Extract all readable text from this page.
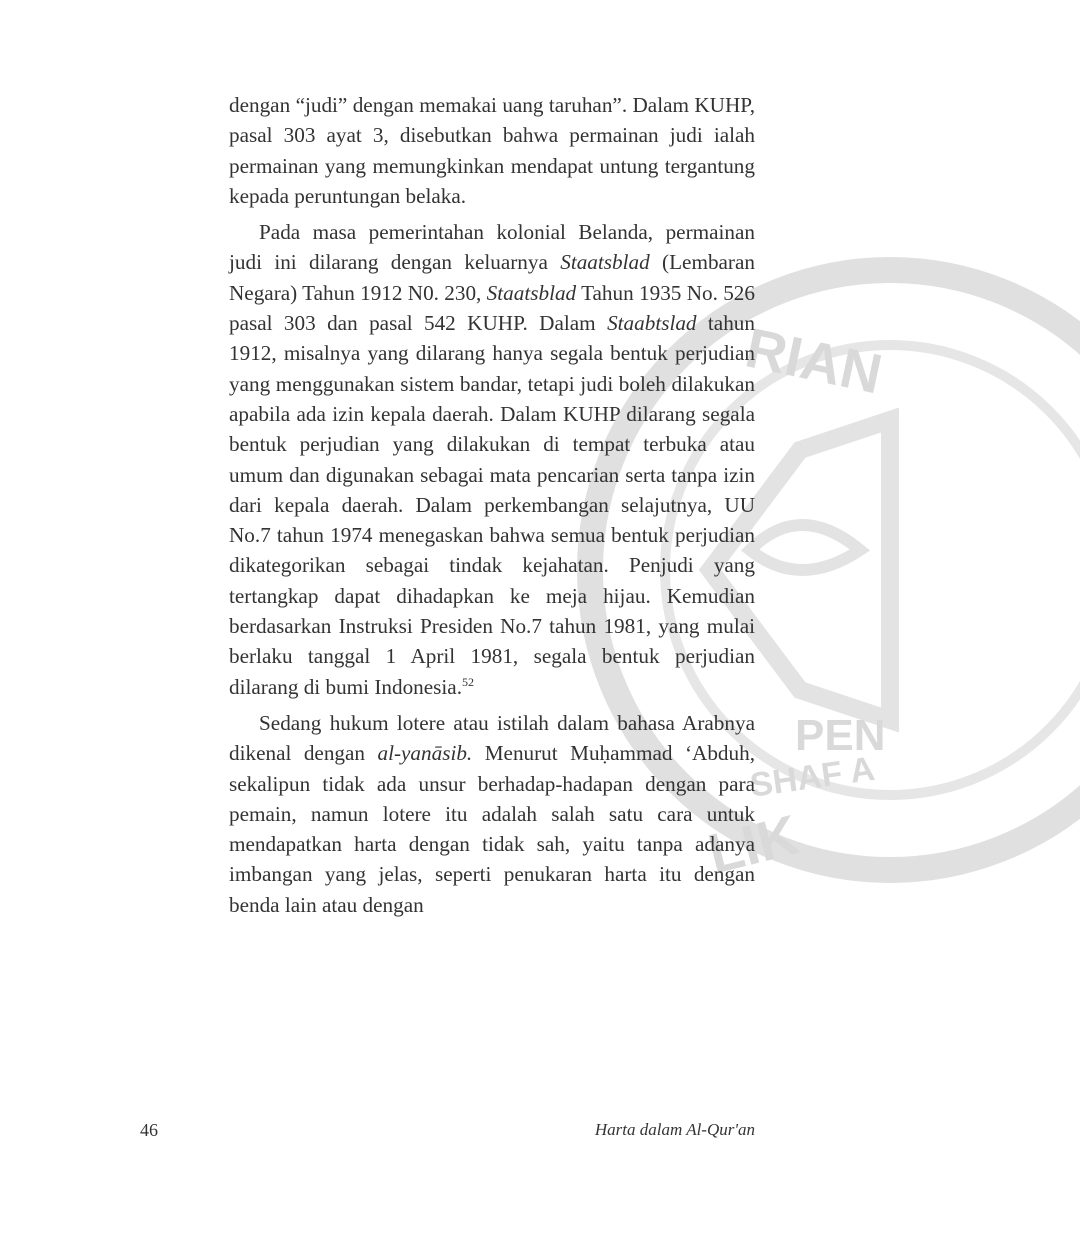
RIAN
PEN
SHAF A
LIK

dengan “judi” dengan memakai uang taruhan”. Dalam KUHP, pasal 303 ayat 3, disebutkan bahwa permainan judi ialah permainan yang memungkinkan mendapat untung tergantung kepada peruntungan belaka.

Pada masa pemerintahan kolonial Belanda, permainan judi ini dilarang dengan keluarnya Staatsblad (Lembaran Negara) Tahun 1912 N0. 230, Staatsblad Tahun 1935 No. 526 pasal 303 dan pasal 542 KUHP. Dalam Staabtslad tahun 1912, misalnya yang dilarang hanya segala bentuk perjudian yang menggunakan sistem bandar, tetapi judi boleh dilakukan apabila ada izin kepala daerah. Dalam KUHP dilarang segala bentuk perjudian yang dilakukan di tempat terbuka atau umum dan digunakan sebagai mata pencarian serta tanpa izin dari kepala daerah. Dalam perkembangan selajutnya, UU No.7 tahun 1974 menegaskan bahwa semua bentuk perjudian dikategorikan sebagai tindak kejahatan. Penjudi yang tertangkap dapat dihadapkan ke meja hijau. Kemudian berdasarkan Instruksi Presiden No.7 tahun 1981, yang mulai berlaku tanggal 1 April 1981, segala bentuk perjudian dilarang di bumi Indonesia.$^{52}$

Sedang hukum lotere atau istilah dalam bahasa Arabnya dikenal dengan al-yanāsib. Menurut Muḥammad ‘Abduh, sekalipun tidak ada unsur berhadap-hadapan dengan para pemain, namun lotere itu adalah salah satu cara untuk mendapatkan harta dengan tidak sah, yaitu tanpa adanya imbangan yang jelas, seperti penukaran harta itu dengan benda lain atau dengan

46	Harta dalam Al-Qur'an
